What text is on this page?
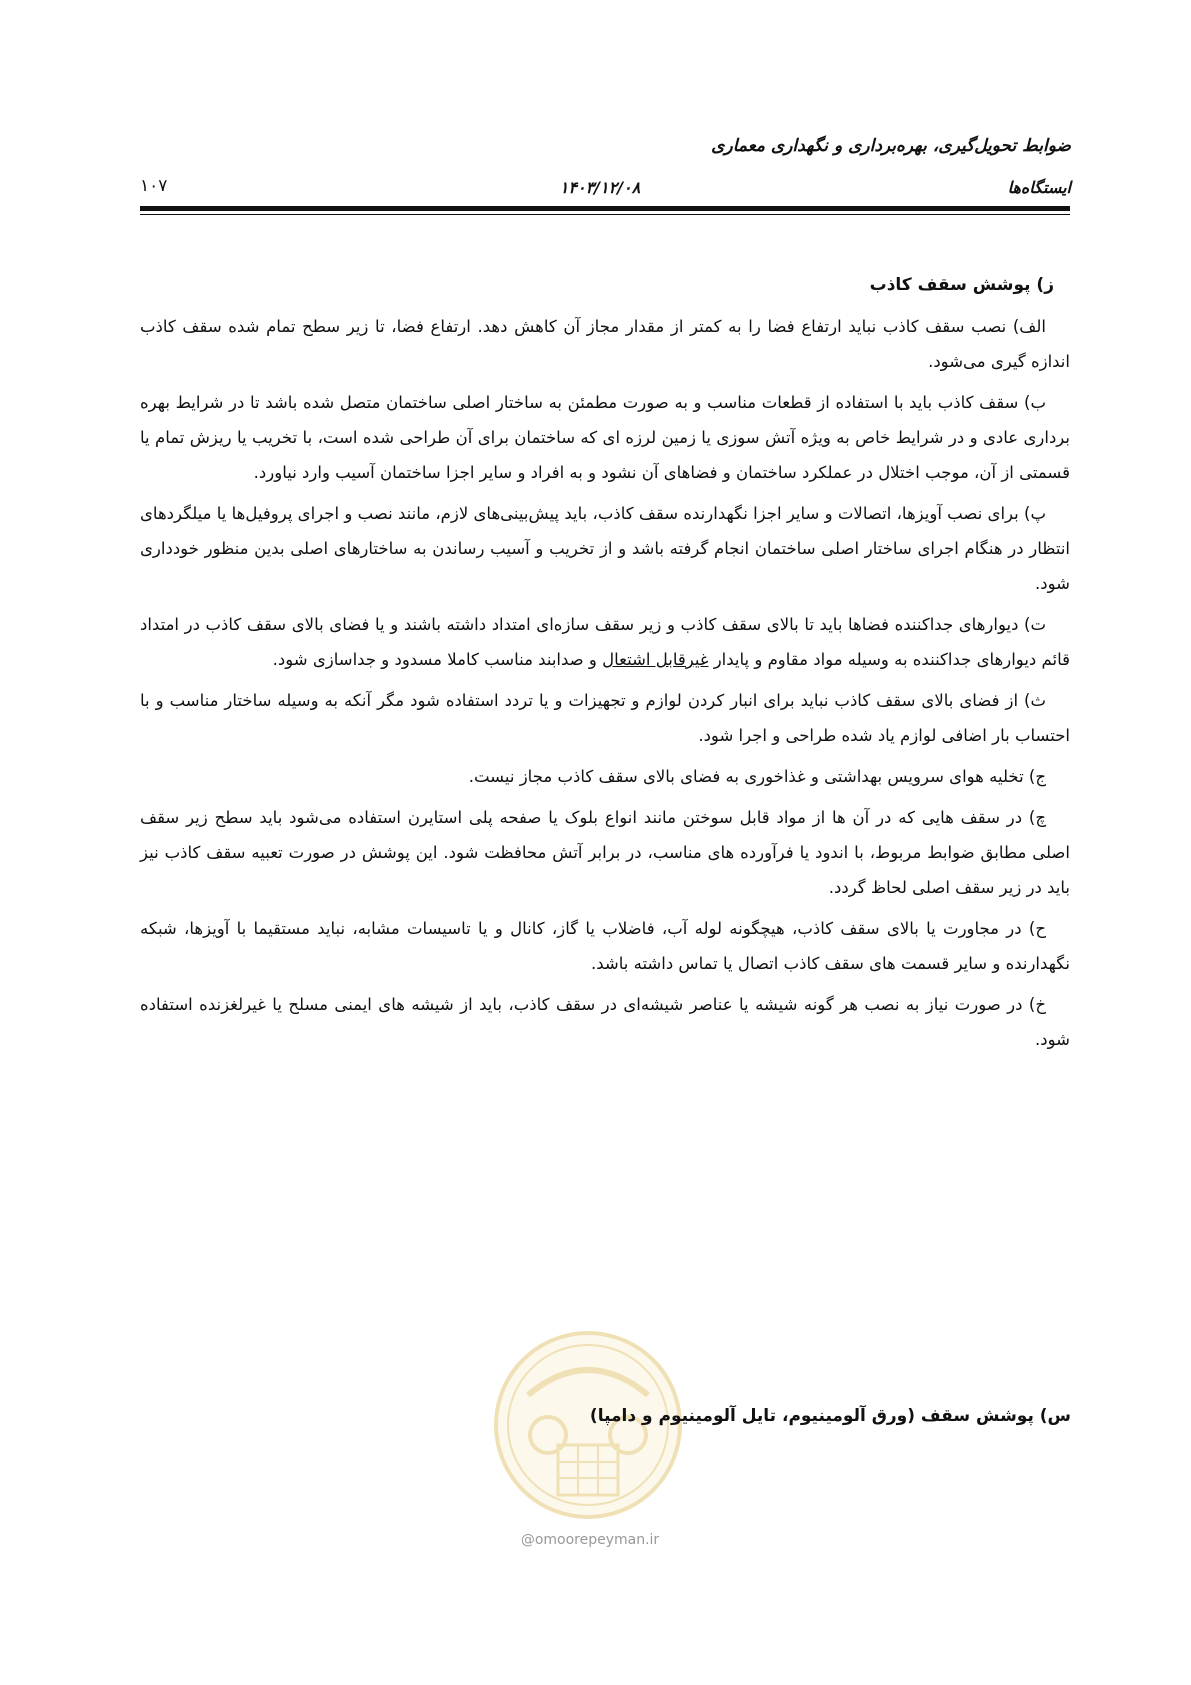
ضوابط تحویل‌گیری، بهره‌برداری و نگهداری معماری
ایستگاه‌ها
۱۴۰۳/۱۲/۰۸
۱۰۷
ز) پوشش سقف کاذب

الف) نصب سقف کاذب نباید ارتفاع فضا را به کمتر از مقدار مجاز آن کاهش دهد. ارتفاع فضا، تا زیر سطح تمام شده سقف کاذب اندازه گیری می‌شود.

ب) سقف کاذب باید با استفاده از قطعات مناسب و به صورت مطمئن به ساختار اصلی ساختمان متصل شده باشد تا در شرایط بهره برداری عادی و در شرایط خاص به ویژه آتش سوزی یا زمین لرزه ای که ساختمان برای آن طراحی شده است، با تخریب یا ریزش تمام یا قسمتی از آن، موجب اختلال در عملکرد ساختمان و فضاهای آن نشود و به افراد و سایر اجزا ساختمان آسیب وارد نیاورد.

پ) برای نصب آویزها، اتصالات و سایر اجزا نگهدارنده سقف کاذب، باید پیش‌بینی‌های لازم، مانند نصب و اجرای پروفیل‌ها یا میلگردهای انتظار در هنگام اجرای ساختار اصلی ساختمان انجام گرفته باشد و از تخریب و آسیب رساندن به ساختارهای اصلی بدین منظور خودداری شود.

ت) دیوارهای جداکننده فضاها باید تا بالای سقف کاذب و زیر سقف سازه‌ای امتداد داشته باشند و یا فضای بالای سقف کاذب در امتداد قائم دیوارهای جداکننده به وسیله مواد مقاوم و پایدار غیرقابل اشتعال و صدابند مناسب کاملا مسدود و جداسازی شود.

ث) از فضای بالای سقف کاذب نباید برای انبار کردن لوازم و تجهیزات و یا تردد استفاده شود مگر آنکه به وسیله ساختار مناسب و با احتساب بار اضافی لوازم یاد شده طراحی و اجرا شود.

ج) تخلیه هوای سرویس بهداشتی و غذاخوری به فضای بالای سقف کاذب مجاز نیست.

چ) در سقف هایی که در آن ها از مواد قابل سوختن مانند انواع بلوک یا صفحه پلی استایرن استفاده می‌شود باید سطح زیر سقف اصلی مطابق ضوابط مربوط، با اندود یا فرآورده های مناسب، در برابر آتش محافظت شود. این پوشش در صورت تعبیه سقف کاذب نیز باید در زیر سقف اصلی لحاظ گردد.

ح) در مجاورت یا بالای سقف کاذب، هیچگونه لوله آب، فاضلاب یا گاز، کانال و یا تاسیسات مشابه، نباید مستقیما با آویزها، شبکه نگهدارنده و سایر قسمت های سقف کاذب اتصال یا تماس داشته باشد.

خ) در صورت نیاز به نصب هر گونه شیشه یا عناصر شیشه‌ای در سقف کاذب، باید از شیشه های ایمنی مسلح یا غیرلغزنده استفاده شود.

@omoorepeyman.ir
س) پوشش سقف (ورق آلومینیوم، تایل آلومینیوم و دامپا)
